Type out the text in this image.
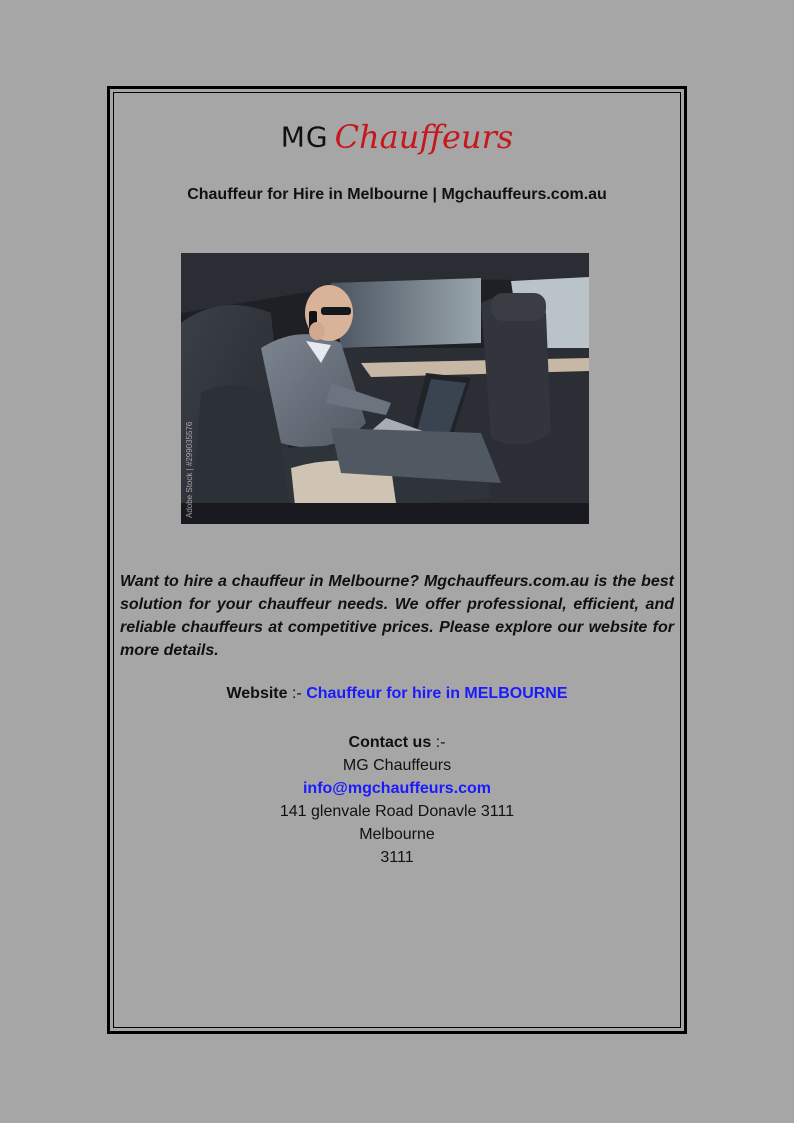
MG Chauffeurs
Chauffeur for Hire in Melbourne | Mgchauffeurs.com.au
Adobe Stock | #299035576
Want to hire a chauffeur in Melbourne? Mgchauffeurs.com.au is the best solution for your chauffeur needs. We offer professional, efficient, and reliable chauffeurs at competitive prices. Please explore our website for more details.
Website :- Chauffeur for hire in MELBOURNE
Contact us :-
MG Chauffeurs
info@mgchauffeurs.com
141 glenvale Road Donavle 3111
Melbourne
3111
